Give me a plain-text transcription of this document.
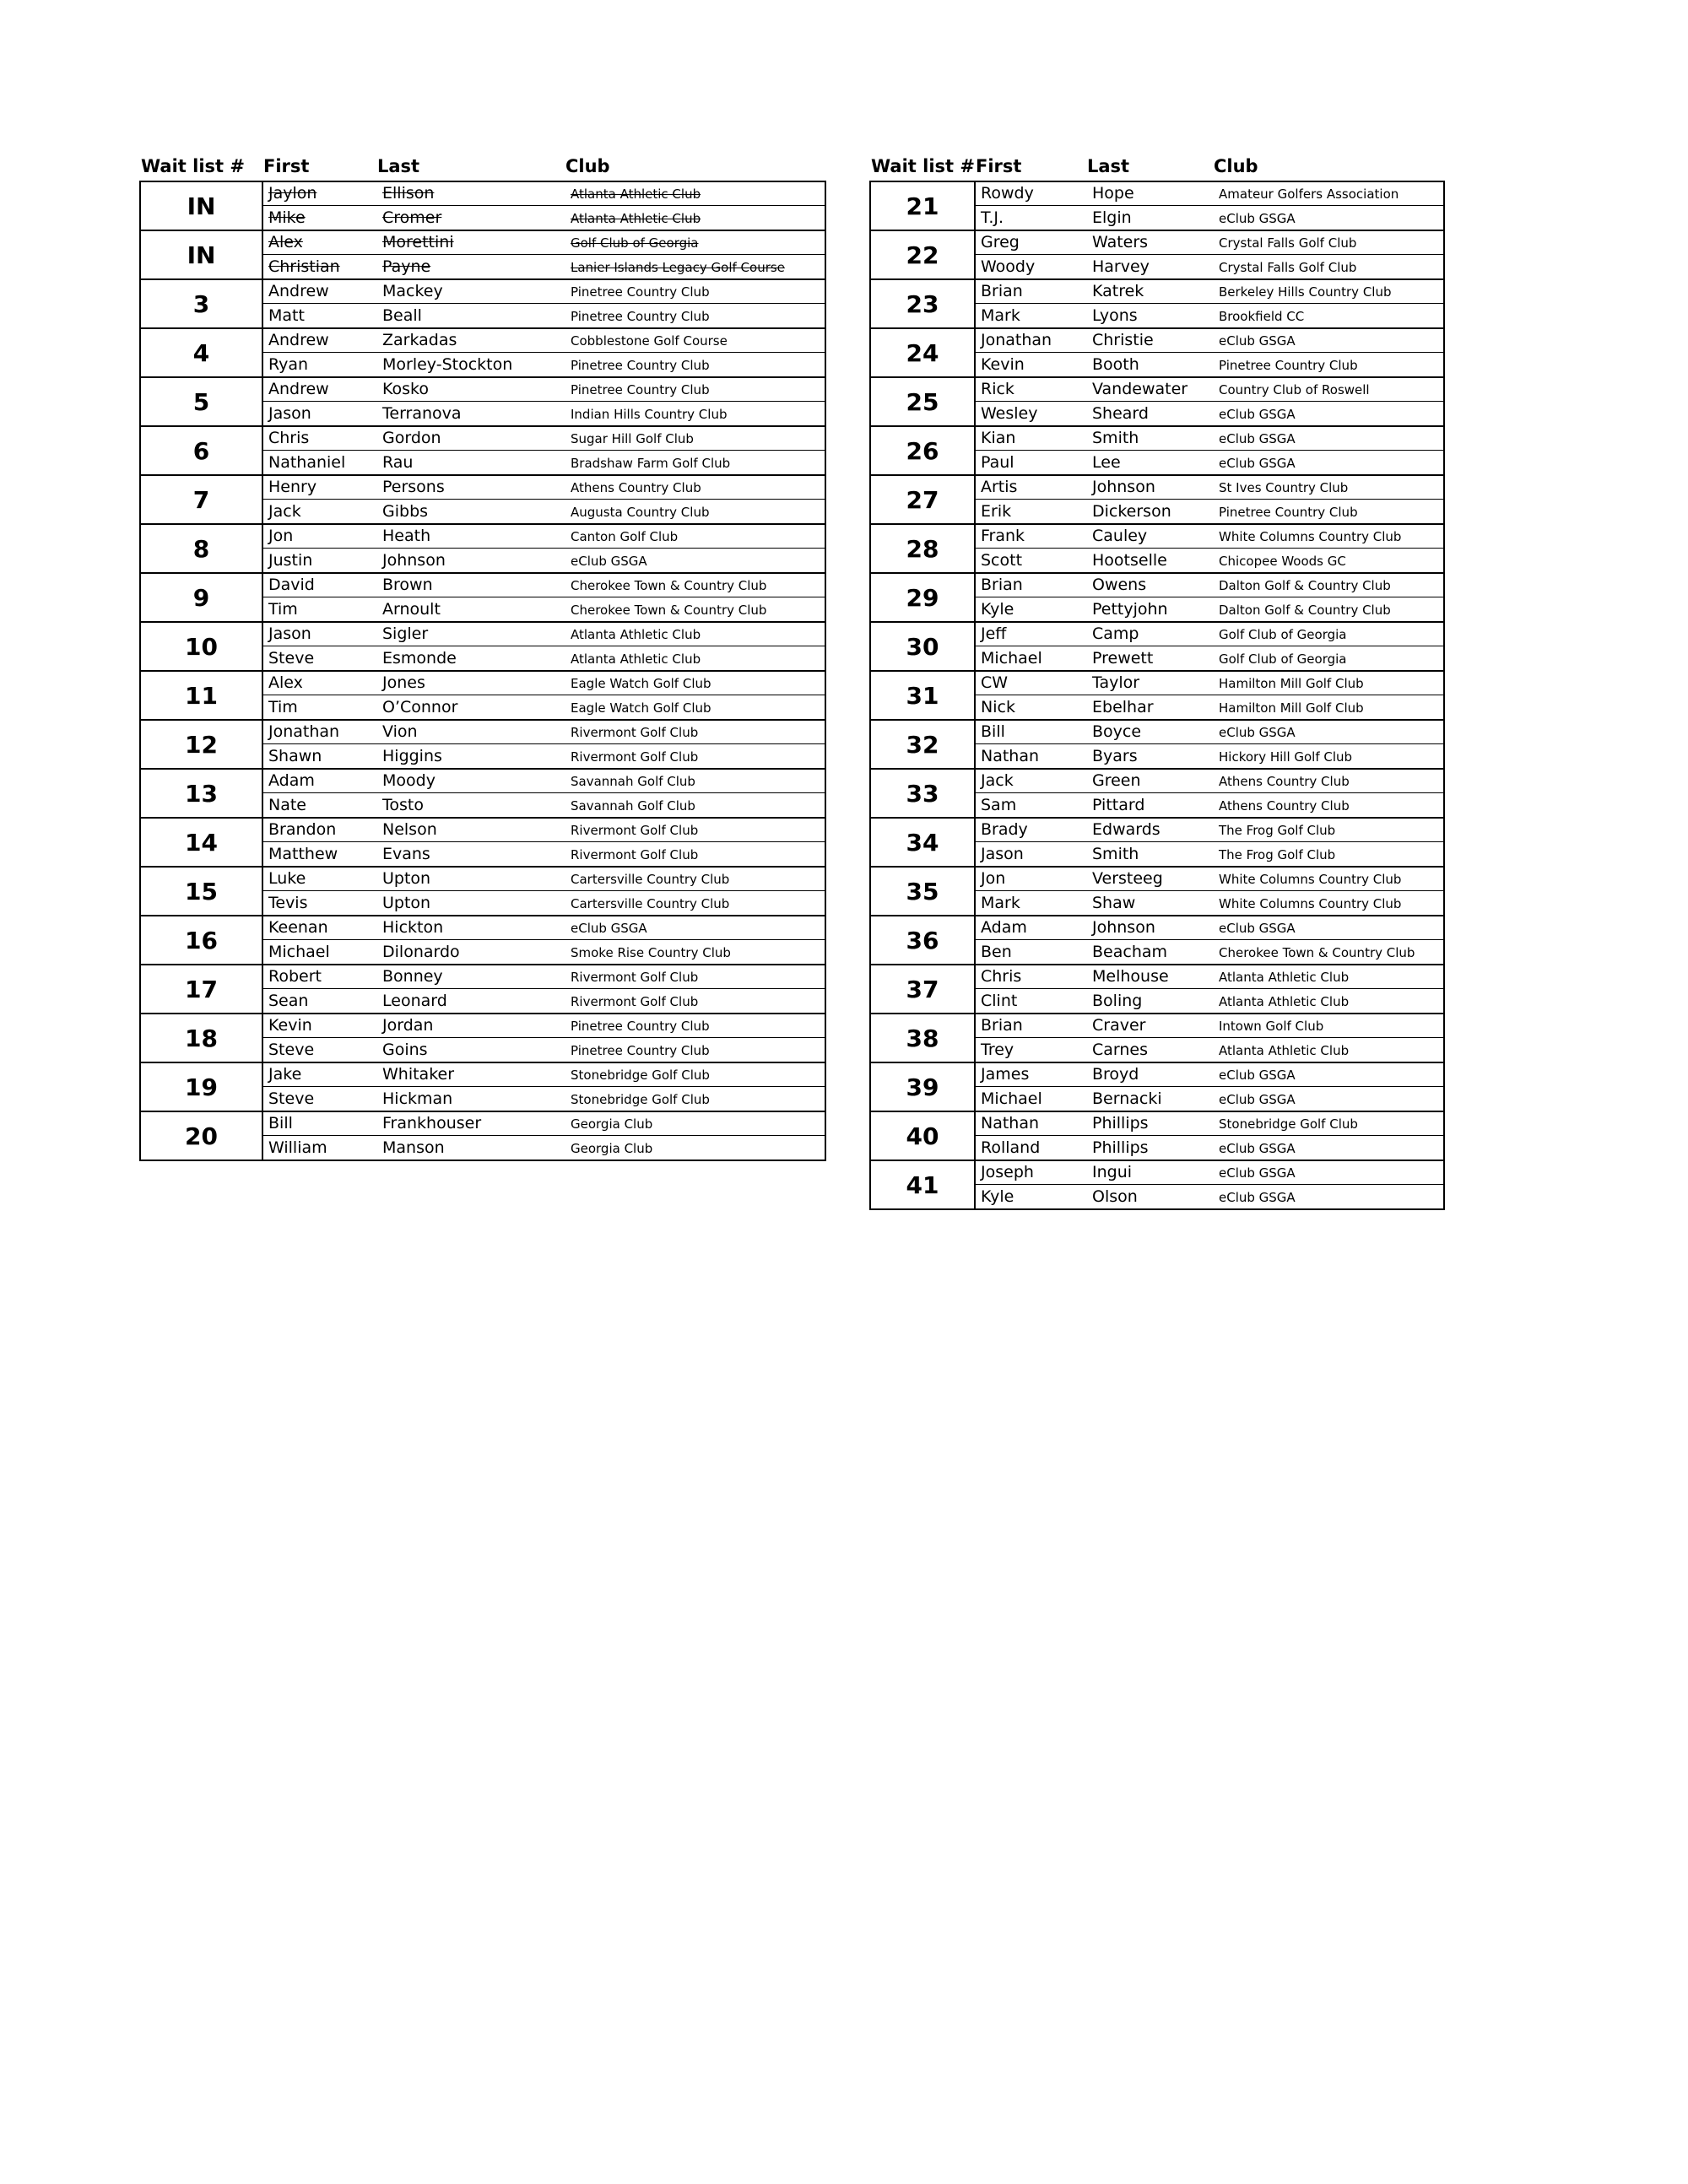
Wait list #	First	Last	Club
IN	Jaylon	Ellison	Atlanta Athletic Club
Mike	Cromer	Atlanta Athletic Club
IN	Alex	Morettini	Golf Club of Georgia
Christian	Payne	Lanier Islands Legacy Golf Course
3	Andrew	Mackey	Pinetree Country Club
Matt	Beall	Pinetree Country Club
4	Andrew	Zarkadas	Cobblestone Golf Course
Ryan	Morley-Stockton	Pinetree Country Club
5	Andrew	Kosko	Pinetree Country Club
Jason	Terranova	Indian Hills Country Club
6	Chris	Gordon	Sugar Hill Golf Club
Nathaniel	Rau	Bradshaw Farm Golf Club
7	Henry	Persons	Athens Country Club
Jack	Gibbs	Augusta Country Club
8	Jon	Heath	Canton Golf Club
Justin	Johnson	eClub GSGA
9	David	Brown	Cherokee Town & Country Club
Tim	Arnoult	Cherokee Town & Country Club
10	Jason	Sigler	Atlanta Athletic Club
Steve	Esmonde	Atlanta Athletic Club
11	Alex	Jones	Eagle Watch Golf Club
Tim	O’Connor	Eagle Watch Golf Club
12	Jonathan	Vion	Rivermont Golf Club
Shawn	Higgins	Rivermont Golf Club
13	Adam	Moody	Savannah Golf Club
Nate	Tosto	Savannah Golf Club
14	Brandon	Nelson	Rivermont Golf Club
Matthew	Evans	Rivermont Golf Club
15	Luke	Upton	Cartersville Country Club
Tevis	Upton	Cartersville Country Club
16	Keenan	Hickton	eClub GSGA
Michael	Dilonardo	Smoke Rise Country Club
17	Robert	Bonney	Rivermont Golf Club
Sean	Leonard	Rivermont Golf Club
18	Kevin	Jordan	Pinetree Country Club
Steve	Goins	Pinetree Country Club
19	Jake	Whitaker	Stonebridge Golf Club
Steve	Hickman	Stonebridge Golf Club
20	Bill	Frankhouser	Georgia Club
William	Manson	Georgia Club
Wait list # First	Last	Club
21	Rowdy	Hope	Amateur Golfers Association
T.J.	Elgin	eClub GSGA
22	Greg	Waters	Crystal Falls Golf Club
Woody	Harvey	Crystal Falls Golf Club
23	Brian	Katrek	Berkeley Hills Country Club
Mark	Lyons	Brookfield CC
24	Jonathan	Christie	eClub GSGA
Kevin	Booth	Pinetree Country Club
25	Rick	Vandewater	Country Club of Roswell
Wesley	Sheard	eClub GSGA
26	Kian	Smith	eClub GSGA
Paul	Lee	eClub GSGA
27	Artis	Johnson	St Ives Country Club
Erik	Dickerson	Pinetree Country Club
28	Frank	Cauley	White Columns Country Club
Scott	Hootselle	Chicopee Woods GC
29	Brian	Owens	Dalton Golf & Country Club
Kyle	Pettyjohn	Dalton Golf & Country Club
30	Jeff	Camp	Golf Club of Georgia
Michael	Prewett	Golf Club of Georgia
31	CW	Taylor	Hamilton Mill Golf Club
Nick	Ebelhar	Hamilton Mill Golf Club
32	Bill	Boyce	eClub GSGA
Nathan	Byars	Hickory Hill Golf Club
33	Jack	Green	Athens Country Club
Sam	Pittard	Athens Country Club
34	Brady	Edwards	The Frog Golf Club
Jason	Smith	The Frog Golf Club
35	Jon	Versteeg	White Columns Country Club
Mark	Shaw	White Columns Country Club
36	Adam	Johnson	eClub GSGA
Ben	Beacham	Cherokee Town & Country Club
37	Chris	Melhouse	Atlanta Athletic Club
Clint	Boling	Atlanta Athletic Club
38	Brian	Craver	Intown Golf Club
Trey	Carnes	Atlanta Athletic Club
39	James	Broyd	eClub GSGA
Michael	Bernacki	eClub GSGA
40	Nathan	Phillips	Stonebridge Golf Club
Rolland	Phillips	eClub GSGA
41	Joseph	Ingui	eClub GSGA
Kyle	Olson	eClub GSGA
